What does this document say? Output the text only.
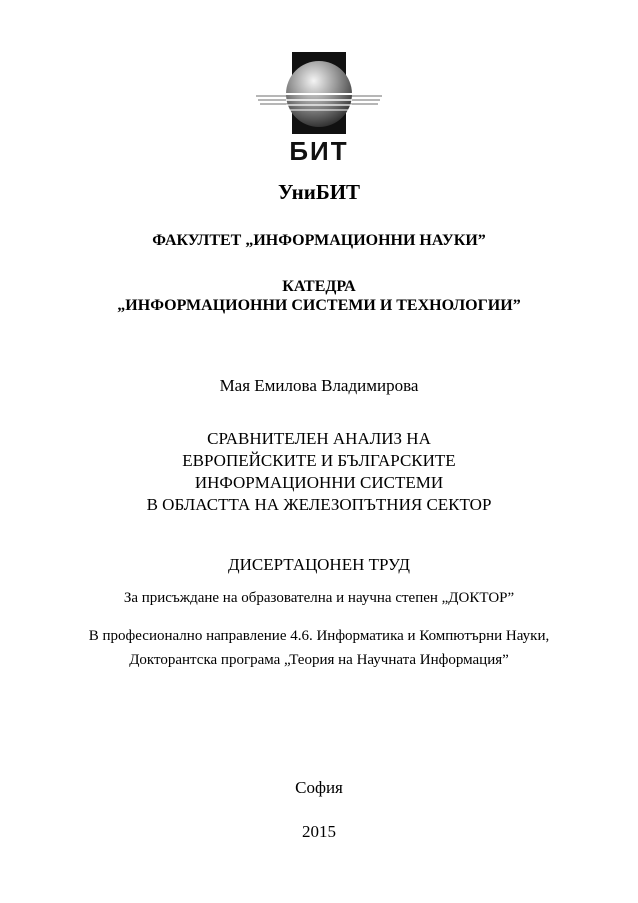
БИТ
УниБИТ
ФАКУЛТЕТ „ИНФОРМАЦИОННИ НАУКИ”
КАТЕДРА
„ИНФОРМАЦИОННИ СИСТЕМИ И ТЕХНОЛОГИИ”
Мая Емилова Владимирова
СРАВНИТЕЛЕН АНАЛИЗ НА
ЕВРОПЕЙСКИТЕ И БЪЛГАРСКИТЕ
ИНФОРМАЦИОННИ СИСТЕМИ
В ОБЛАСТТА НА ЖЕЛЕЗОПЪТНИЯ СЕКТОР
ДИСЕРТАЦОНЕН ТРУД
За присъждане на образователна и научна степен „ДОКТОР”
В професионално направление 4.6. Информатика и Компютърни Науки,
Докторантска програма „Теория на Научната Информация”
София
2015
